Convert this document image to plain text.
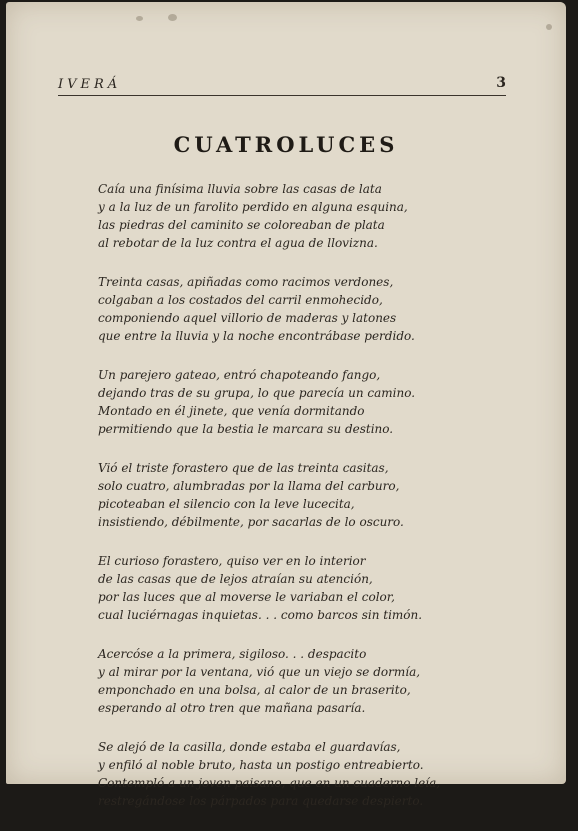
IVERÁ	3
CUATROLUCES
Caía una finísima lluvia sobre las casas de lata
y a la luz de un farolito perdido en alguna esquina,
las piedras del caminito se coloreaban de plata
al rebotar de la luz contra el agua de llovizna.
Treinta casas, apiñadas como racimos verdones,
colgaban a los costados del carril enmohecido,
componiendo aquel villorio de maderas y latones
que entre la lluvia y la noche encontrábase perdido.
Un parejero gateao, entró chapoteando fango,
dejando tras de su grupa, lo que parecía un camino.
Montado en él jinete, que venía dormitando
permitiendo que la bestia le marcara su destino.
Vió el triste forastero que de las treinta casitas,
solo cuatro, alumbradas por la llama del carburo,
picoteaban el silencio con la leve lucecita,
insistiendo, débilmente, por sacarlas de lo oscuro.
El curioso forastero, quiso ver en lo interior
de las casas que de lejos atraían su atención,
por las luces que al moverse le variaban el color,
cual luciérnagas inquietas. . . como barcos sin timón.
Acercóse a la primera, sigiloso. . . despacito
y al mirar por la ventana, vió que un viejo se dormía,
emponchado en una bolsa, al calor de un braserito,
esperando al otro tren que mañana pasaría.
Se alejó de la casilla, donde estaba el guardavías,
y enfiló al noble bruto, hasta un postigo entreabierto.
Contempló a un joven paisano, que en un cuaderno leía,
restregándose los párpados para quedarse despierto.
